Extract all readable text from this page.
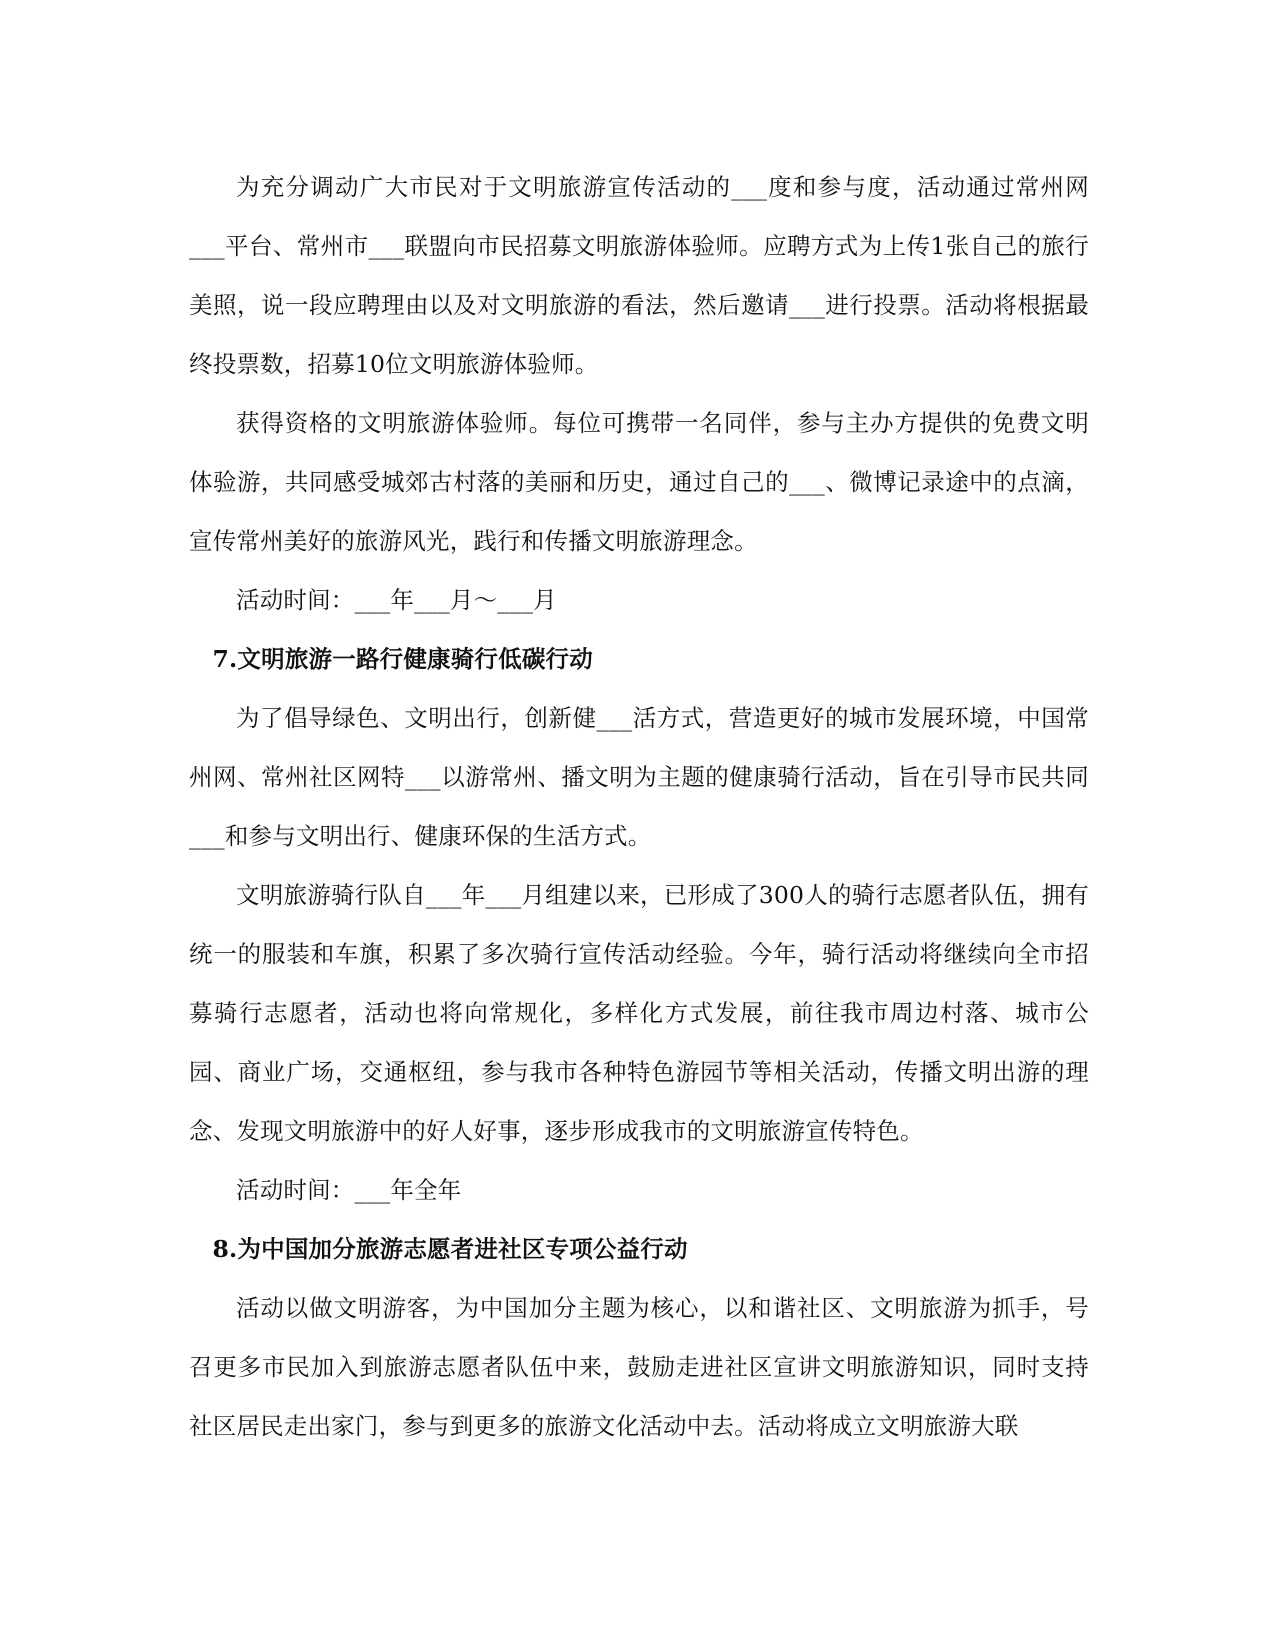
为充分调动广大市民对于文明旅游宣传活动的___度和参与度，活动通过常州网___平台、常州市___联盟向市民招募文明旅游体验师。应聘方式为上传1张自己的旅行美照，说一段应聘理由以及对文明旅游的看法，然后邀请___进行投票。活动将根据最终投票数，招募10位文明旅游体验师。

获得资格的文明旅游体验师。每位可携带一名同伴，参与主办方提供的免费文明体验游，共同感受城郊古村落的美丽和历史，通过自己的___、微博记录途中的点滴，宣传常州美好的旅游风光，践行和传播文明旅游理念。

活动时间：___年___月～___月

7.文明旅游一路行健康骑行低碳行动

为了倡导绿色、文明出行，创新健___活方式，营造更好的城市发展环境，中国常州网、常州社区网特___以游常州、播文明为主题的健康骑行活动，旨在引导市民共同___和参与文明出行、健康环保的生活方式。

文明旅游骑行队自___年___月组建以来，已形成了300人的骑行志愿者队伍，拥有统一的服装和车旗，积累了多次骑行宣传活动经验。今年，骑行活动将继续向全市招募骑行志愿者，活动也将向常规化，多样化方式发展，前往我市周边村落、城市公园、商业广场，交通枢纽，参与我市各种特色游园节等相关活动，传播文明出游的理念、发现文明旅游中的好人好事，逐步形成我市的文明旅游宣传特色。

活动时间：___年全年

8.为中国加分旅游志愿者进社区专项公益行动

活动以做文明游客，为中国加分主题为核心，以和谐社区、文明旅游为抓手，号召更多市民加入到旅游志愿者队伍中来，鼓励走进社区宣讲文明旅游知识，同时支持社区居民走出家门，参与到更多的旅游文化活动中去。活动将成立文明旅游大联
